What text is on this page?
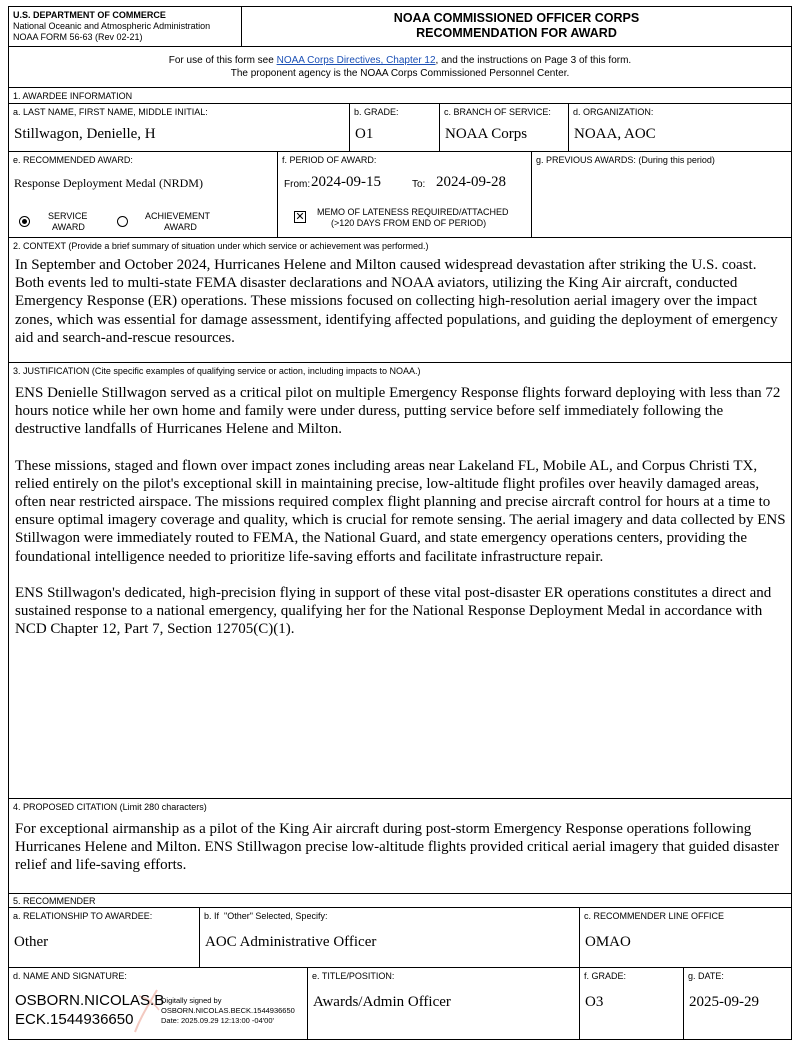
U.S. DEPARTMENT OF COMMERCE
National Oceanic and Atmospheric Administration
NOAA FORM 56-63 (Rev 02-21)
NOAA COMMISSIONED OFFICER CORPS
RECOMMENDATION FOR AWARD
For use of this form see NOAA Corps Directives, Chapter 12, and the instructions on Page 3 of this form.
The proponent agency is the NOAA Corps Commissioned Personnel Center.
1. AWARDEE INFORMATION
a. LAST NAME, FIRST NAME, MIDDLE INITIAL:
Stillwagon, Denielle, H
b. GRADE:
O1
c. BRANCH OF SERVICE:
NOAA Corps
d. ORGANIZATION:
NOAA, AOC
e. RECOMMENDED AWARD:
Response Deployment Medal (NRDM)
SERVICE
AWARD
ACHIEVEMENT
AWARD
f. PERIOD OF AWARD:
From: 2024-09-15	To: 2024-09-28
✕ MEMO OF LATENESS REQUIRED/ATTACHED
(>120 DAYS FROM END OF PERIOD)
g. PREVIOUS AWARDS: (During this period)
2. CONTEXT (Provide a brief summary of situation under which service or achievement was performed.)
In September and October 2024, Hurricanes Helene and Milton caused widespread devastation after striking the U.S. coast. Both events led to multi-state FEMA disaster declarations and NOAA aviators, utilizing the King Air aircraft, conducted Emergency Response (ER) operations. These missions focused on collecting high-resolution aerial imagery over the impact zones, which was essential for damage assessment, identifying affected populations, and guiding the deployment of emergency aid and search-and-rescue resources.
3. JUSTIFICATION (Cite specific examples of qualifying service or action, including impacts to NOAA.)
ENS Denielle Stillwagon served as a critical pilot on multiple Emergency Response flights forward deploying with less than 72 hours notice while her own home and family were under duress, putting service before self immediately following the destructive landfalls of Hurricanes Helene and Milton.
These missions, staged and flown over impact zones including areas near Lakeland FL, Mobile AL, and Corpus Christi TX, relied entirely on the pilot's exceptional skill in maintaining precise, low-altitude flight profiles over heavily damaged areas, often near restricted airspace. The missions required complex flight planning and precise aircraft control for hours at a time to ensure optimal imagery coverage and quality, which is crucial for remote sensing. The aerial imagery and data collected by ENS Stillwagon were immediately routed to FEMA, the National Guard, and state emergency operations centers, providing the foundational intelligence needed to prioritize life-saving efforts and facilitate infrastructure repair.
ENS Stillwagon's dedicated, high-precision flying in support of these vital post-disaster ER operations constitutes a direct and sustained response to a national emergency, qualifying her for the National Response Deployment Medal in accordance with NCD Chapter 12, Part 7, Section 12705(C)(1).
4. PROPOSED CITATION (Limit 280 characters)
For exceptional airmanship as a pilot of the King Air aircraft during post-storm Emergency Response operations following Hurricanes Helene and Milton. ENS Stillwagon precise low-altitude flights provided critical aerial imagery that guided disaster relief and life-saving efforts.
5. RECOMMENDER
a. RELATIONSHIP TO AWARDEE:
Other
b. If  "Other" Selected, Specify:
AOC Administrative Officer
c. RECOMMENDER LINE OFFICE
OMAO
d. NAME AND SIGNATURE:
OSBORN.NICOLAS.B
ECK.1544936650
Digitally signed by
OSBORN.NICOLAS.BECK.1544936650
Date: 2025.09.29 12:13:00 -04'00'
e. TITLE/POSITION:
Awards/Admin Officer
f. GRADE:
O3
g. DATE:
2025-09-29
